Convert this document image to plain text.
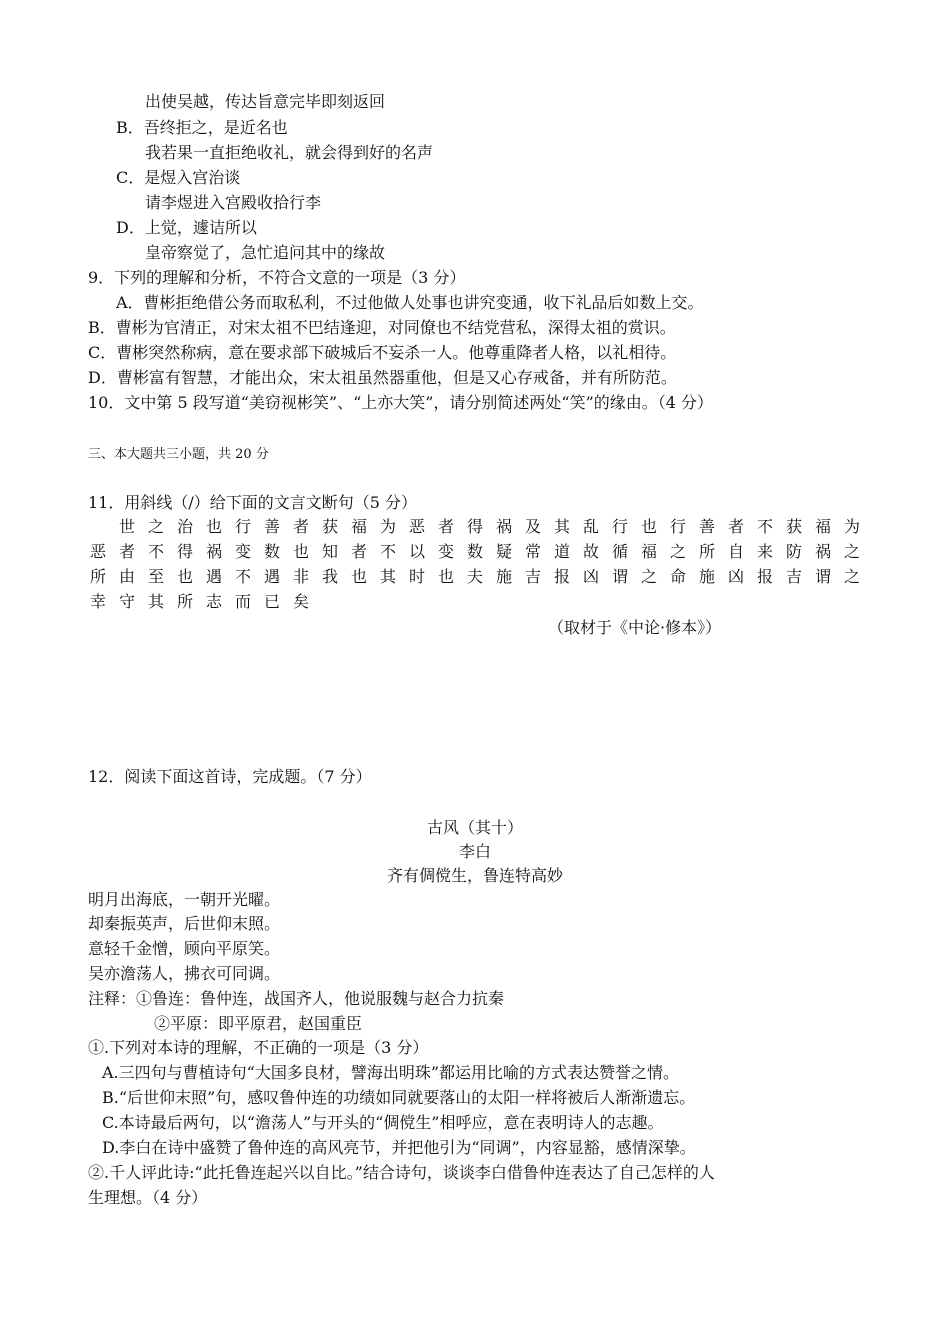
出使吴越，传达旨意完毕即刻返回
B．吾终拒之，是近名也
我若果一直拒绝收礼，就会得到好的名声
C．是煜入宫治谈
请李煜进入宫殿收拾行李
D．上觉，遽诘所以
皇帝察觉了，急忙追问其中的缘故
9．下列的理解和分析，不符合文意的一项是（3 分）
A．曹彬拒绝借公务而取私利，不过他做人处事也讲究变通，收下礼品后如数上交。
B．曹彬为官清正，对宋太祖不巴结逢迎，对同僚也不结党营私，深得太祖的赏识。
C．曹彬突然称病，意在要求部下破城后不妄杀一人。他尊重降者人格，以礼相待。
D．曹彬富有智慧，才能出众，宋太祖虽然器重他，但是又心存戒备，并有所防范。
10．文中第 5 段写道“美窃视彬笑”、“上亦大笑”，请分别简述两处“笑”的缘由。（4 分）
三、本大题共三小题，共 20 分
11．用斜线（/）给下面的文言文断句（5 分）
世 之 治 也 行 善 者 获 福 为 恶 者 得 祸 及 其 乱 行 也 行 善 者 不 获 福 为
恶 者 不 得 祸 变 数 也 知 者 不 以 变 数 疑 常 道 故 循 福 之 所 自 来 防 祸 之
所 由 至 也 遇 不 遇 非 我 也 其 时 也 夫 施 吉 报 凶 谓 之 命 施 凶 报 吉 谓 之
幸 守 其 所 志 而 已 矣
（取材于《中论·修本》）
12．阅读下面这首诗，完成题。（7 分）
古风（其十）
李白
齐有倜傥生，鲁连特高妙
明月出海底，一朝开光曜。
却秦振英声，后世仰末照。
意轻千金憎，顾向平原笑。
吴亦澹荡人，拂衣可同调。
注释：①鲁连：鲁仲连，战国齐人，他说服魏与赵合力抗秦
②平原：即平原君，赵国重臣
①.下列对本诗的理解，不正确的一项是（3 分）
A.三四句与曹植诗句“大国多良材，譬海出明珠”都运用比喻的方式表达赞誉之情。
B.“后世仰末照”句，感叹鲁仲连的功绩如同就要落山的太阳一样将被后人渐渐遗忘。
C.本诗最后两句，以“澹荡人”与开头的“倜傥生”相呼应，意在表明诗人的志趣。
D.李白在诗中盛赞了鲁仲连的高风亮节，并把他引为“同调”，内容显豁，感情深挚。
②.千人评此诗:“此托鲁连起兴以自比。”结合诗句，谈谈李白借鲁仲连表达了自己怎样的人
生理想。（4 分）
